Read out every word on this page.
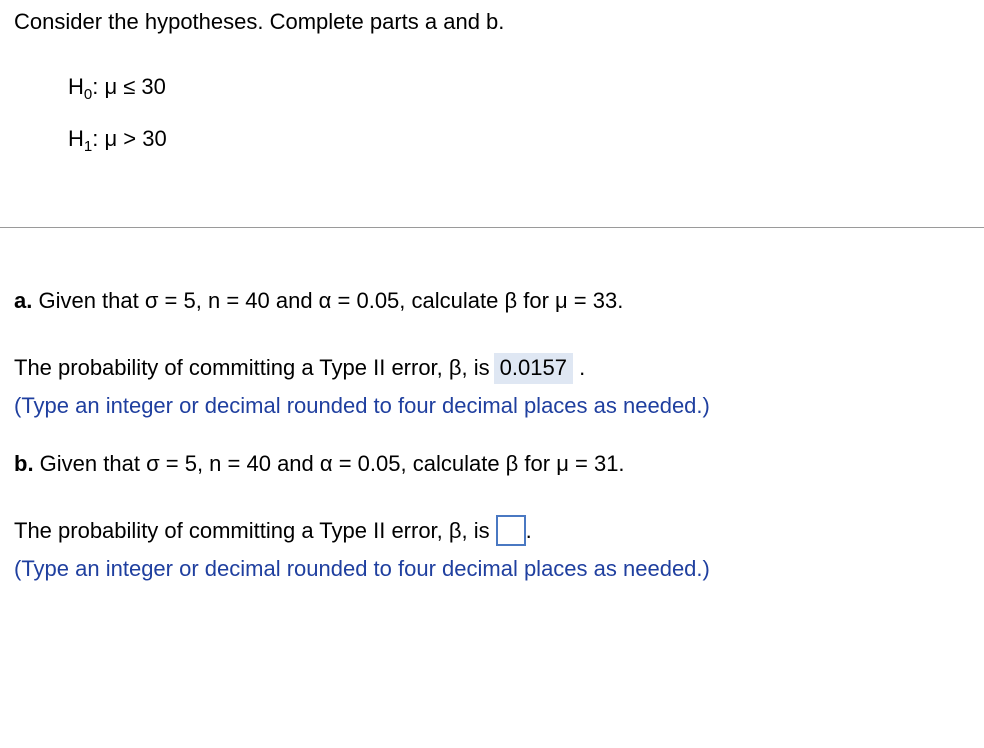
Consider the hypotheses. Complete parts a and b.
$H_0$: μ ≤ 30
$H_1$: μ > 30
a. Given that σ = 5, n = 40 and α = 0.05, calculate β for μ = 33.
The probability of committing a Type II error, β, is 0.0157 .
(Type an integer or decimal rounded to four decimal places as needed.)
b. Given that σ = 5, n = 40 and α = 0.05, calculate β for μ = 31.
The probability of committing a Type II error, β, is .
(Type an integer or decimal rounded to four decimal places as needed.)
